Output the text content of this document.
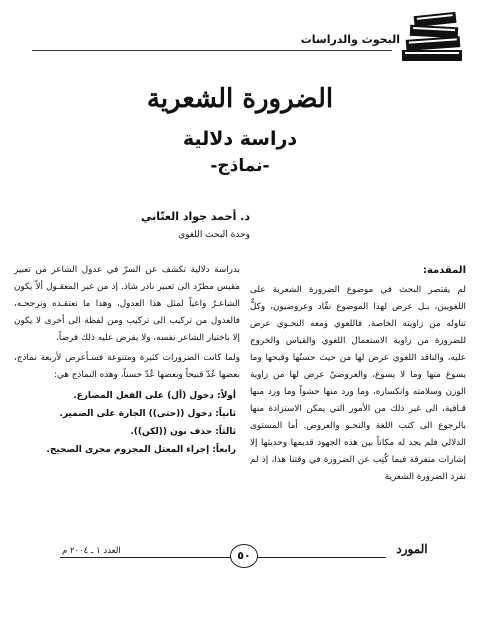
البحوث والدراسات
الضرورة الشعرية
دراسة دلالية
-نماذج-
د. أحمد جواد العتّابي
وحدة البحث اللغوي
المقدمة:

لم يقتصر البحث في موضوع الضرورة الشعرية على اللغويين، بـل عرض لهذا الموضوع نقّاد وعروضيون، وكلٌّ تناوله من زاويته الخاصة. فاللغوي ومعه النحـوي عرض للضرورة من زاوية الاستعمال اللغوي والقياس والخروج عليه، والناقد اللغوي عرض لها من حيث حسنُها وقبحها وما يسوغ منها وما لا يسوغ، والعروضيّ عرض لها من زاوية الوزن وسلامته وانكساره، وما ورد منها حشواً وما ورد منها قـافية، الى غير ذلك من الأمور التي يمكن الاستزادة منها بالرجوع الى كتب اللغة والنحـو والعروض. أما المستوى الدلالي فلم يجد له مكاناً بين هذه الجهود قديمها وحديثها إلا إشارات متفرقة فيما كُتِب عن الضرورة في وقتنا هذا، إذ لم تفرد الضرورة الشعرية

بدراسة دلالية تكشف عن السرّ في عدول الشاعر من تعبير مقيس مطرّد الى تعبير نادر شاذ. إذ من غير المعقـول ألاّ يكون الشاعـرُ واعياً لمثل هذا العدول، وهذا ما نعتقـده ونرجحـه، فالعدول من تركيب الى تركيب ومن لفظة الى أخرى لا يكون إلا باختيار الشاعر نفسه، ولا يفرض عليه ذلك فرضاً.

ولما كانت الضرورات كثيرة ومتنوعة فسـأعرض لأربعة نماذج، بعضها عُدّ قبيحاً وبعضها عُدّ حسناً، وهذه النماذج هي:

أولاً: دخول (أل) على الفعل المضارع.
ثانياً: دخول ((حتى)) الجارة على الضمير.
ثالثاً: حذف نون ((لكن)).
رابعاً: إجراء المعتل المجزوم مجرى الصحيح.
المورد
٥٠
العدد ١ ـ ٢٠٠٤ م
